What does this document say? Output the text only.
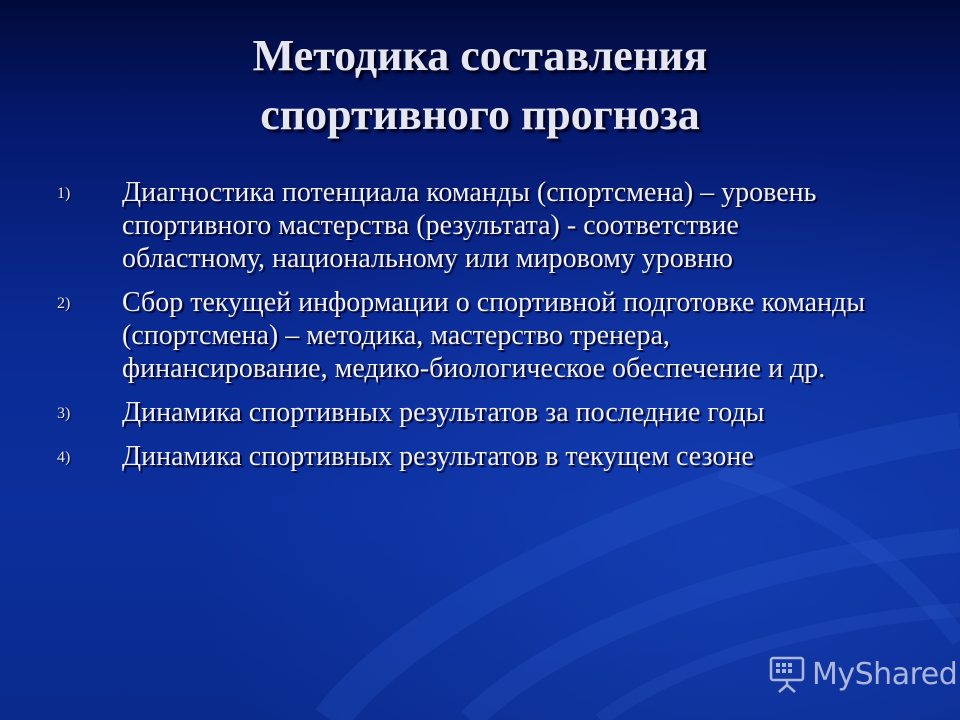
Методика составления
спортивного прогноза
1) Диагностика потенциала команды (спортсмена) – уровень спортивного мастерства (результата) - соответствие областному, национальному или мировому уровню
2) Сбор текущей информации о спортивной подготовке команды (спортсмена) – методика, мастерство тренера, финансирование, медико-биологическое обеспечение и др.
3) Динамика спортивных результатов за последние годы
4) Динамика спортивных результатов в текущем сезоне
MyShared
